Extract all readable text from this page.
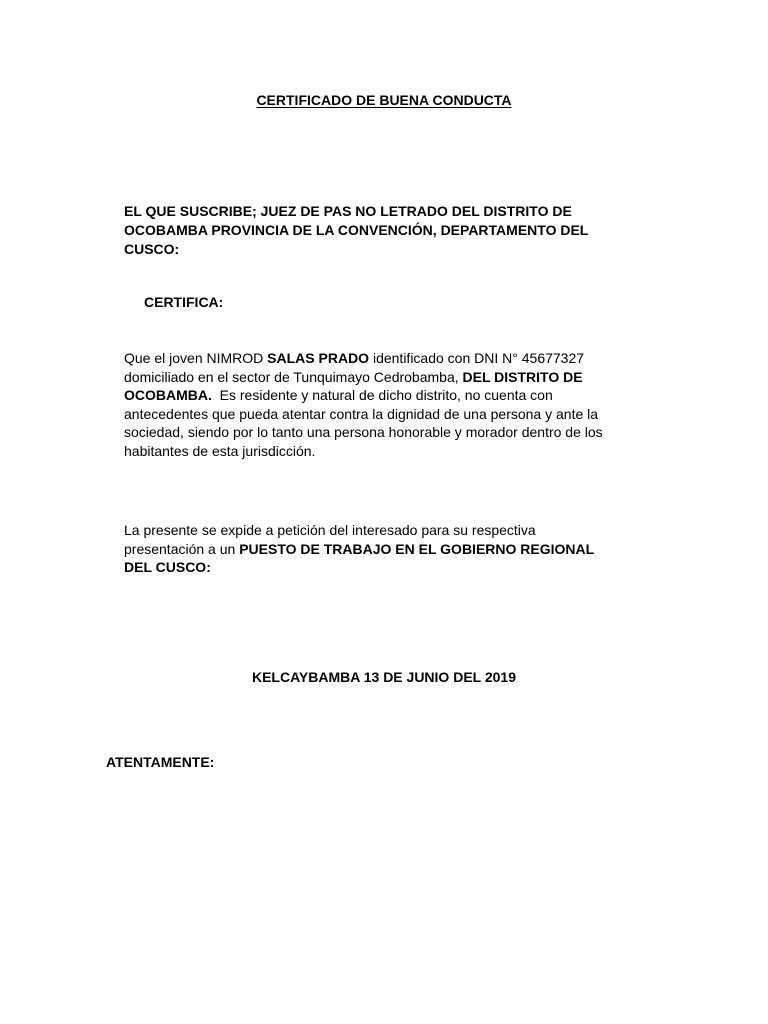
CERTIFICADO DE BUENA CONDUCTA
EL QUE SUSCRIBE; JUEZ DE PAS NO LETRADO DEL DISTRITO DE
OCOBAMBA PROVINCIA DE LA CONVENCIÓN, DEPARTAMENTO DEL
CUSCO:
CERTIFICA:
Que el joven NIMROD SALAS PRADO identificado con DNI N° 45677327
domiciliado en el sector de Tunquimayo Cedrobamba, DEL DISTRITO DE
OCOBAMBA.  Es residente y natural de dicho distrito, no cuenta con
antecedentes que pueda atentar contra la dignidad de una persona y ante la
sociedad, siendo por lo tanto una persona honorable y morador dentro de los
habitantes de esta jurisdicción.
La presente se expide a petición del interesado para su respectiva
presentación a un PUESTO DE TRABAJO EN EL GOBIERNO REGIONAL
DEL CUSCO:
KELCAYBAMBA 13 DE JUNIO DEL 2019
ATENTAMENTE:
